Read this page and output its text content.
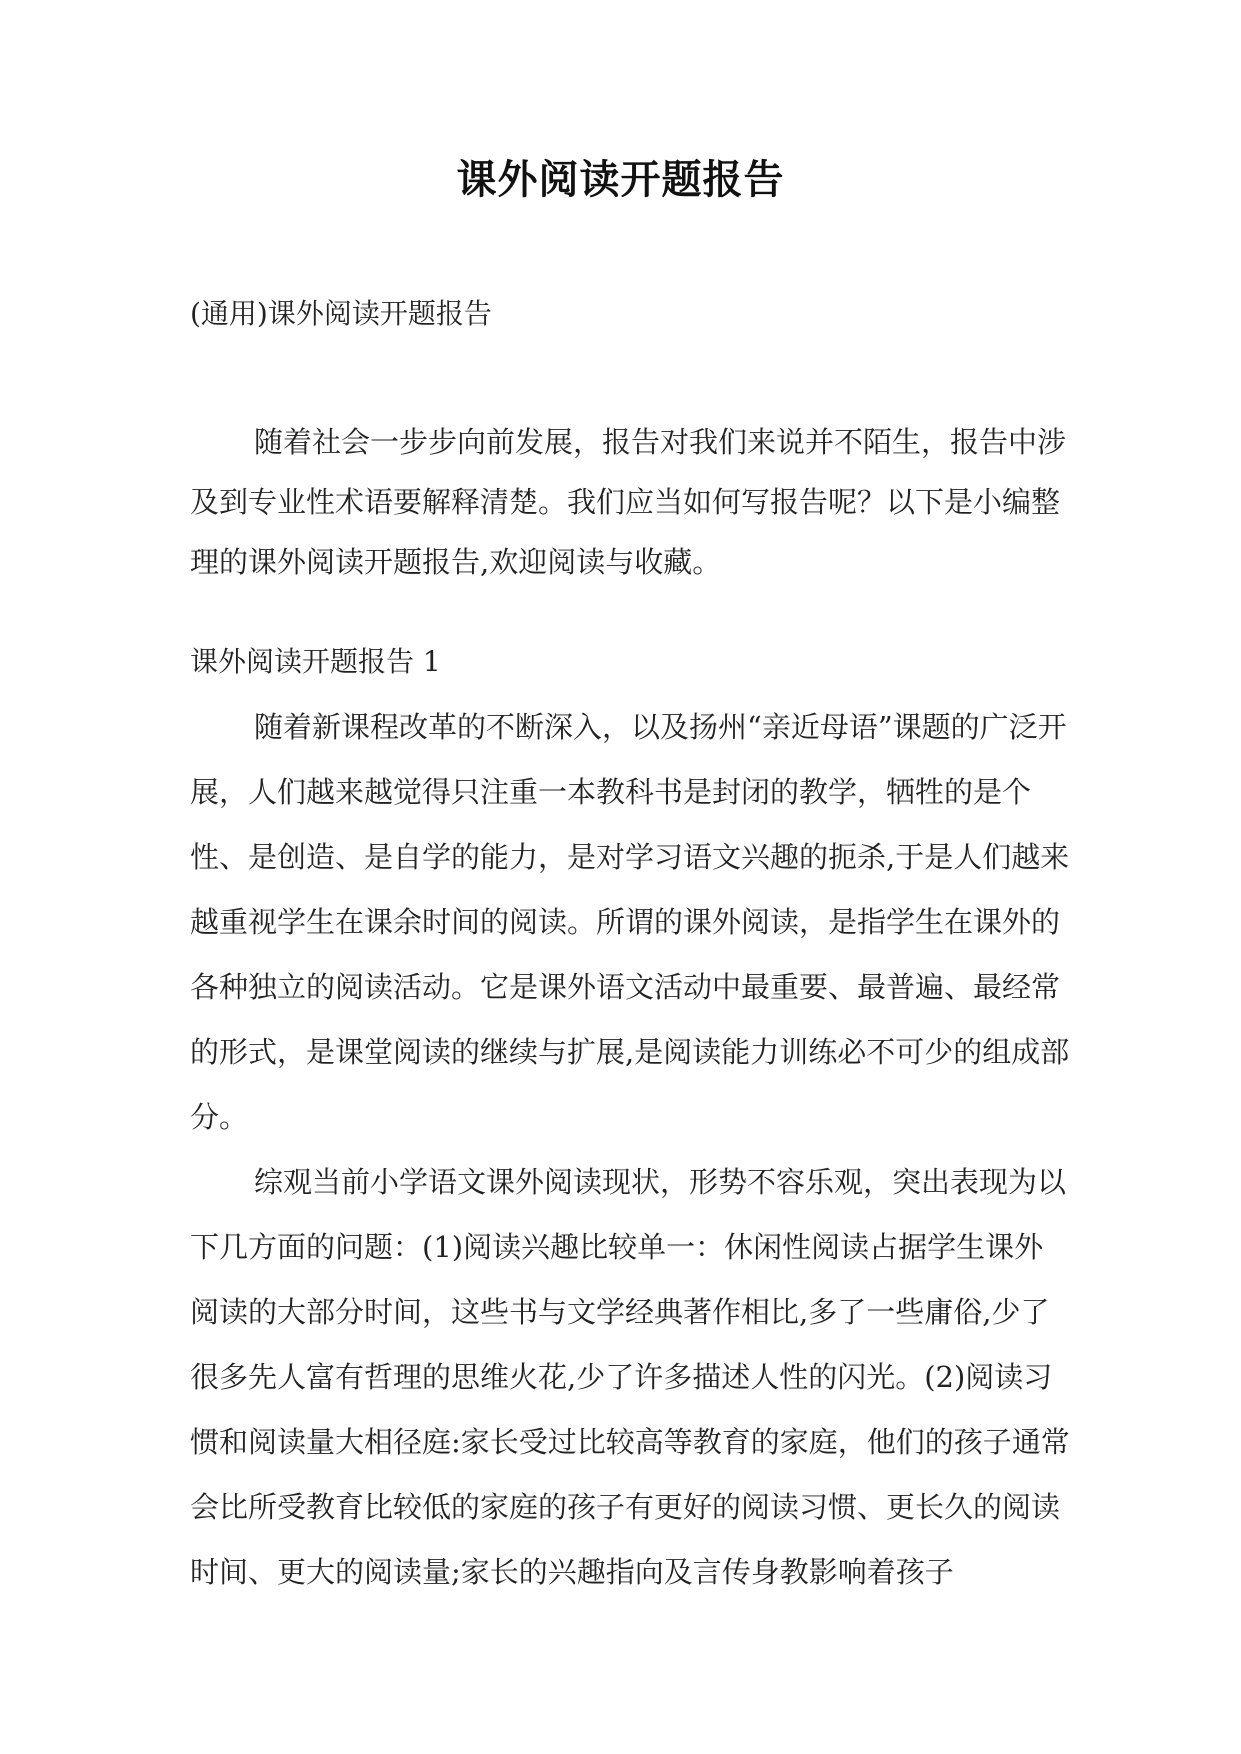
课外阅读开题报告
(通用)课外阅读开题报告

随着社会一步步向前发展，报告对我们来说并不陌生，报告中涉及到专业性术语要解释清楚。我们应当如何写报告呢？以下是小编整理的课外阅读开题报告,欢迎阅读与收藏。

课外阅读开题报告 1

随着新课程改革的不断深入，以及扬州“亲近母语”课题的广泛开展，人们越来越觉得只注重一本教科书是封闭的教学，牺牲的是个性、是创造、是自学的能力，是对学习语文兴趣的扼杀,于是人们越来越重视学生在课余时间的阅读。所谓的课外阅读，是指学生在课外的各种独立的阅读活动。它是课外语文活动中最重要、最普遍、最经常的形式，是课堂阅读的继续与扩展,是阅读能力训练必不可少的组成部分。

综观当前小学语文课外阅读现状，形势不容乐观，突出表现为以下几方面的问题：(1)阅读兴趣比较单一：休闲性阅读占据学生课外阅读的大部分时间，这些书与文学经典著作相比,多了一些庸俗,少了很多先人富有哲理的思维火花,少了许多描述人性的闪光。(2)阅读习惯和阅读量大相径庭:家长受过比较高等教育的家庭，他们的孩子通常会比所受教育比较低的家庭的孩子有更好的阅读习惯、更长久的阅读时间、更大的阅读量;家长的兴趣指向及言传身教影响着孩子
